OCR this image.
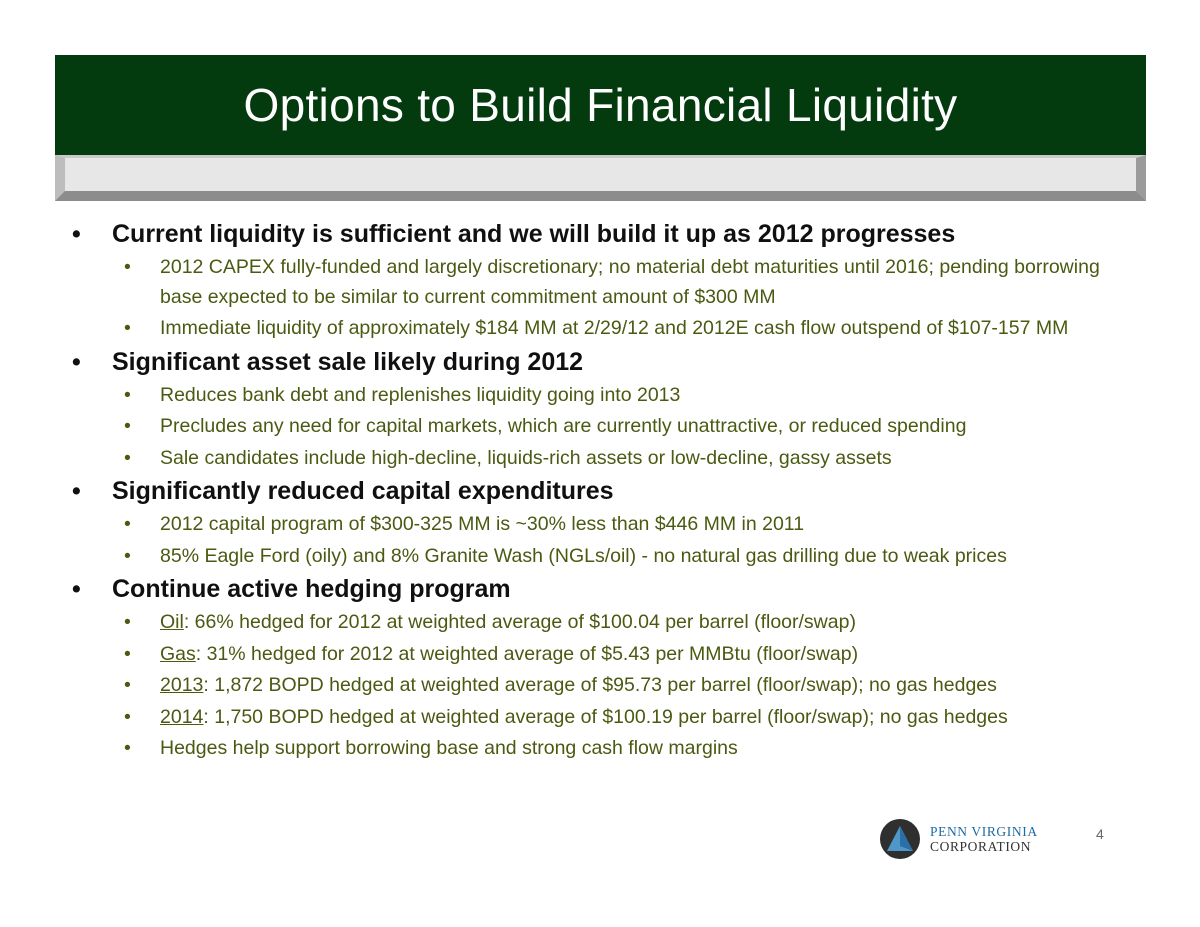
Options to Build Financial Liquidity
•	Current liquidity is sufficient and we will build it up as 2012 progresses
• 2012 CAPEX fully-funded and largely discretionary; no material debt maturities until 2016; pending borrowing base expected to be similar to current commitment amount of $300 MM
• Immediate liquidity of approximately $184 MM at 2/29/12 and 2012E cash flow outspend of $107-157 MM
•	Significant asset sale likely during 2012
• Reduces bank debt and replenishes liquidity going into 2013
• Precludes any need for capital markets, which are currently unattractive, or reduced spending
• Sale candidates include high-decline, liquids-rich assets or low-decline, gassy assets
•	Significantly reduced capital expenditures
• 2012 capital program of $300-325 MM is ~30% less than $446 MM in 2011
• 85% Eagle Ford (oily) and 8% Granite Wash (NGLs/oil) - no natural gas drilling due to weak prices
•	Continue active hedging program
• Oil: 66% hedged for 2012 at weighted average of $100.04 per barrel (floor/swap)
• Gas: 31% hedged for 2012 at weighted average of $5.43 per MMBtu (floor/swap)
• 2013: 1,872 BOPD hedged at weighted average of $95.73 per barrel (floor/swap); no gas hedges
• 2014: 1,750 BOPD hedged at weighted average of $100.19 per barrel (floor/swap); no gas hedges
• Hedges help support borrowing base and strong cash flow margins
PENN VIRGINIA
CORPORATION
4
